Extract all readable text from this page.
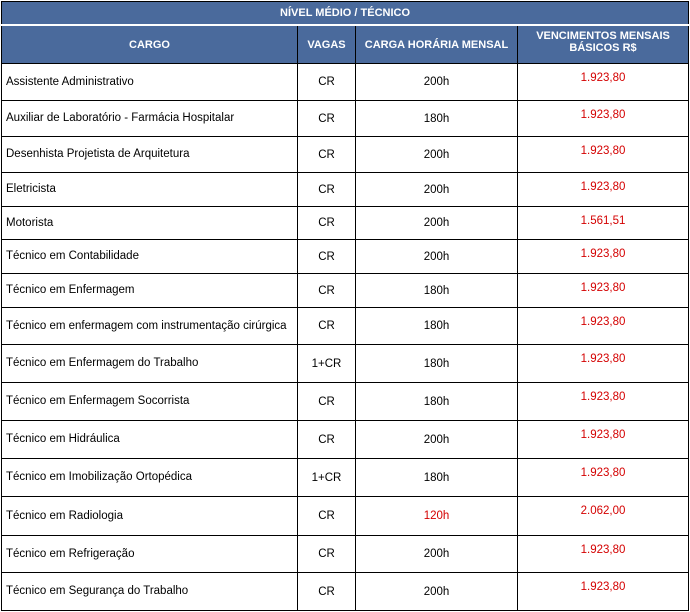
NÍVEL MÉDIO / TÉCNICO			
CARGO	VAGAS	CARGA HORÁRIA MENSAL	VENCIMENTOS MENSAIS BÁSICOS R$
Assistente Administrativo	CR	200h	1.923,80
Auxiliar de Laboratório - Farmácia Hospitalar	CR	180h	1.923,80
Desenhista Projetista de Arquitetura	CR	200h	1.923,80
Eletricista	CR	200h	1.923,80
Motorista	CR	200h	1.561,51
Técnico em Contabilidade	CR	200h	1.923,80
Técnico em Enfermagem	CR	180h	1.923,80
Técnico em enfermagem com instrumentação cirúrgica	CR	180h	1.923,80
Técnico em Enfermagem do Trabalho	1+CR	180h	1.923,80
Técnico em Enfermagem Socorrista	CR	180h	1.923,80
Técnico em Hidráulica	CR	200h	1.923,80
Técnico em Imobilização Ortopédica	1+CR	180h	1.923,80
Técnico em Radiologia	CR	120h	2.062,00
Técnico em Refrigeração	CR	200h	1.923,80
Técnico em Segurança do Trabalho	CR	200h	1.923,80
